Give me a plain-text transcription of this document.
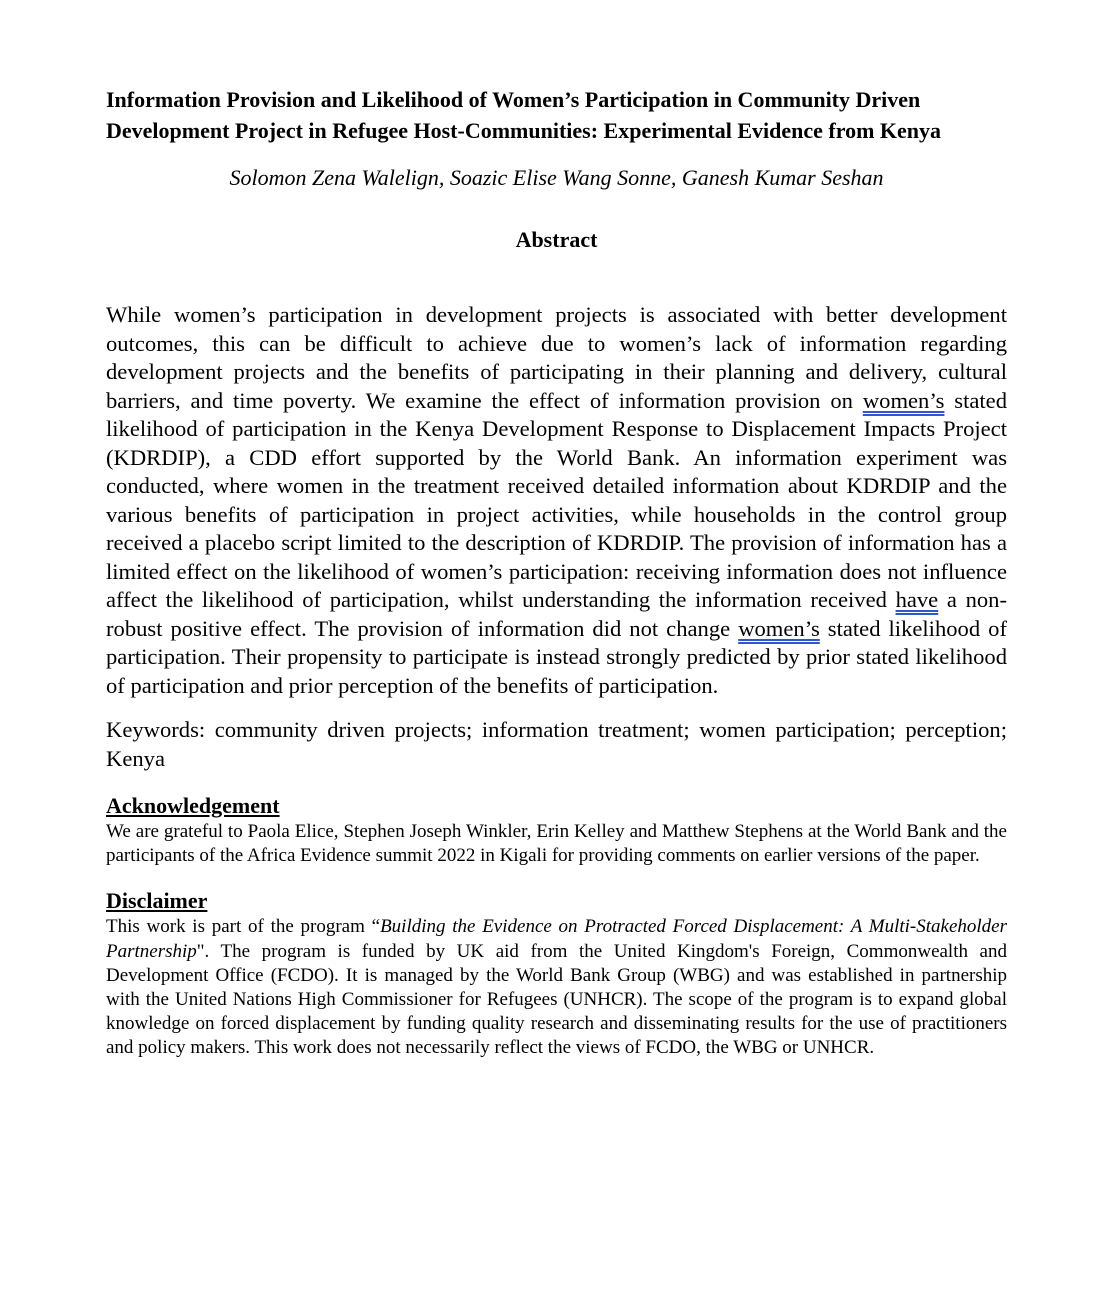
Information Provision and Likelihood of Women’s Participation in Community Driven Development Project in Refugee Host-Communities: Experimental Evidence from Kenya

Solomon Zena Walelign, Soazic Elise Wang Sonne, Ganesh Kumar Seshan

Abstract

While women’s participation in development projects is associated with better development outcomes, this can be difficult to achieve due to women’s lack of information regarding development projects and the benefits of participating in their planning and delivery, cultural barriers, and time poverty. We examine the effect of information provision on women’s stated likelihood of participation in the Kenya Development Response to Displacement Impacts Project (KDRDIP), a CDD effort supported by the World Bank. An information experiment was conducted, where women in the treatment received detailed information about KDRDIP and the various benefits of participation in project activities, while households in the control group received a placebo script limited to the description of KDRDIP. The provision of information has a limited effect on the likelihood of women’s participation: receiving information does not influence affect the likelihood of participation, whilst understanding the information received have a non-robust positive effect. The provision of information did not change women’s stated likelihood of participation. Their propensity to participate is instead strongly predicted by prior stated likelihood of participation and prior perception of the benefits of participation.

Keywords: community driven projects; information treatment; women participation; perception; Kenya

Acknowledgement

We are grateful to Paola Elice, Stephen Joseph Winkler, Erin Kelley and Matthew Stephens at the World Bank and the participants of the Africa Evidence summit 2022 in Kigali for providing comments on earlier versions of the paper.

Disclaimer

This work is part of the program “Building the Evidence on Protracted Forced Displacement: A Multi-Stakeholder Partnership". The program is funded by UK aid from the United Kingdom's Foreign, Commonwealth and Development Office (FCDO). It is managed by the World Bank Group (WBG) and was established in partnership with the United Nations High Commissioner for Refugees (UNHCR). The scope of the program is to expand global knowledge on forced displacement by funding quality research and disseminating results for the use of practitioners and policy makers. This work does not necessarily reflect the views of FCDO, the WBG or UNHCR.
